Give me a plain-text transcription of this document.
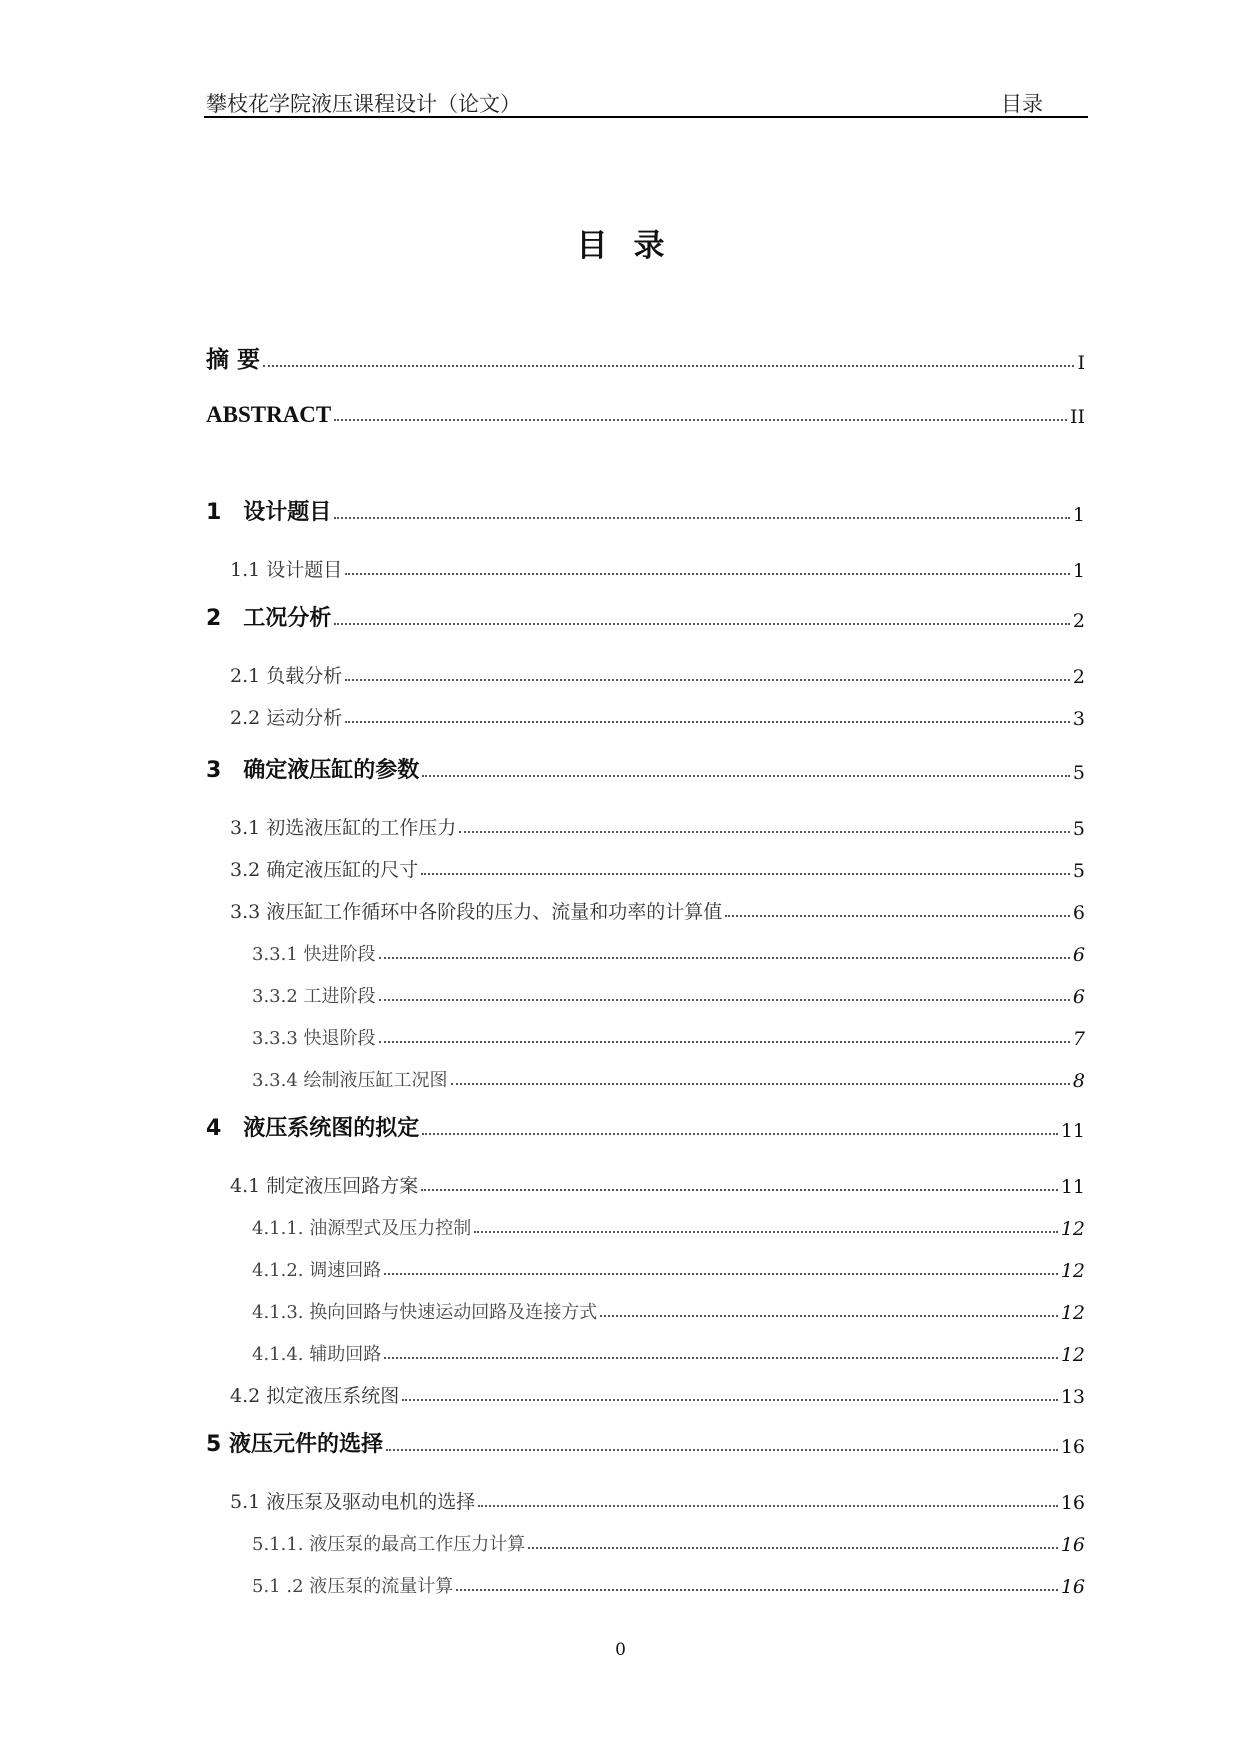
攀枝花学院液压课程设计（论文）	目录
目录
摘 要	I
ABSTRACT	II
1　设计题目	1
1.1 设计题目	1
2　工况分析	2
2.1 负载分析	2
2.2 运动分析	3
3　确定液压缸的参数	5
3.1 初选液压缸的工作压力	5
3.2 确定液压缸的尺寸	5
3.3 液压缸工作循环中各阶段的压力、流量和功率的计算值	6
3.3.1 快进阶段	6
3.3.2 工进阶段	6
3.3.3 快退阶段	7
3.3.4 绘制液压缸工况图	8
4　液压系统图的拟定	11
4.1 制定液压回路方案	11
4.1.1. 油源型式及压力控制	12
4.1.2. 调速回路	12
4.1.3. 换向回路与快速运动回路及连接方式	12
4.1.4. 辅助回路	12
4.2 拟定液压系统图	13
5 液压元件的选择	16
5.1 液压泵及驱动电机的选择	16
5.1.1. 液压泵的最高工作压力计算	16
5.1 .2 液压泵的流量计算	16
0
